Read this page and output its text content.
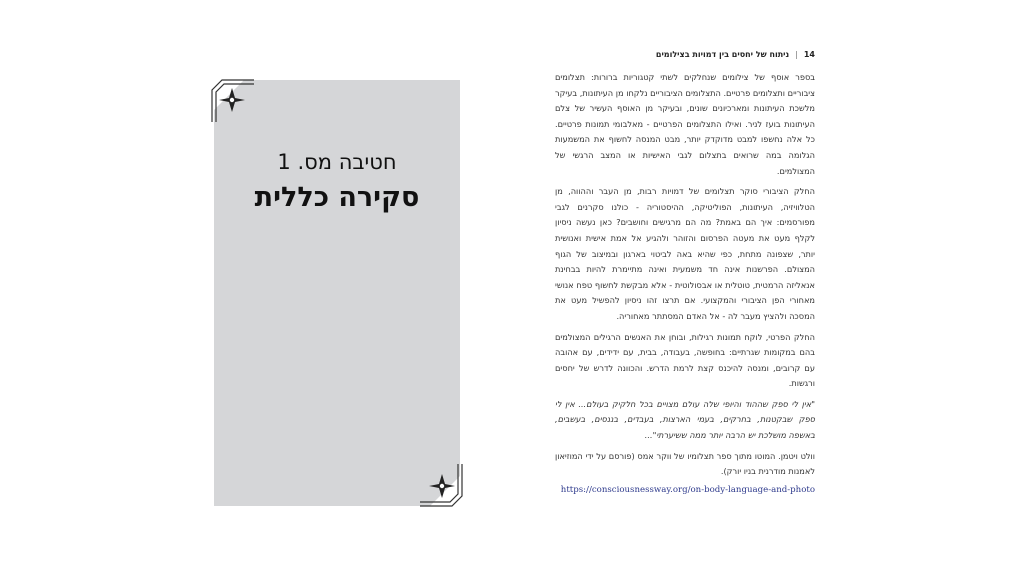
חטיבה מס. 1
סקירה כללית
14
|
ניתוח של יחסים בין דמויות בצילומים

בספר אוסף של צילומים שנחלקים לשתי קטגוריות ברורות: תצלומים ציבוריים ותצלומים פרטיים. התצלומים הציבוריים נלקחו מן העיתונות, בעיקר מלשכת העיתונות ומארכיונים שונים, ובעיקר מן האוסף העשיר של צלם העיתונות בועז לניר. ואילו התצלומים הפרטיים - מאלבומי תמונות פרטיים. כל אלה נחשפו למבט מדוקדק יותר, מבט המנסה לחשוף את המשמעות הגלומה במה שרואים בתצלום לגבי האישיות או המצב הרגשי של המצולמים.

החלק הציבורי סוקר תצלומים של דמויות רבות, מן העבר וההווה, מן הטלוויזיה, העיתונות, הפוליטיקה, ההיסטוריה - כולנו סקרנים לגבי מפורסמים: איך הם באמת? מה הם מרגישים וחושבים? כאן נעשה ניסיון לקלף מעט את מעטה הפרסום והזוהר ולהגיע אל אמת אישית ואנושית יותר, שצפונה מתחת, כפי שהיא באה לביטוי בארגון ובמיצוב של הגוף המצולם. הפרשנות אינה חד משמעית ואינה מתיימרת להיות בבחינת אנאליזה הרמטית, טוטלית או אבסולוטית - אלא מבקשת לחשוף טפח אנושי מאחורי הפן הציבורי והמקצועי. אם תרצו זהו ניסיון להפשיל מעט את המסכה ולהציץ מעבר לה - אל האדם המסתתר מאחוריה.

החלק הפרטי, לוקח תמונות רגילות, ובוחן את האנשים הרגילים המצולמים בהם במקומות שגרתיים: בחופשה, בעבודה, בבית, עם ידידים, עם אהובה עם קרובים, ומנסה להיכנס קצת לרמת הדרש. והכוונה לדרש של יחסים ורגשות.

"אין לי ספק שההוד והיופי שלה עולם מצויים בכל חלקיק בעולם... אין לי ספק שבקטנות, בחרקים, בעמי הארצות, בעבדים, בננסים, בעשבים, באשפה מושלכת יש הרבה יותר ממה ששיערתי"...

וולט ויטמן. המוטו מתוך ספר תצלומיו של ווקר אמס (פורסם על ידי המוזיאון לאמנות מודרנית בניו יורק).

https://consciousnessway.org/on-body-language-and-photo
